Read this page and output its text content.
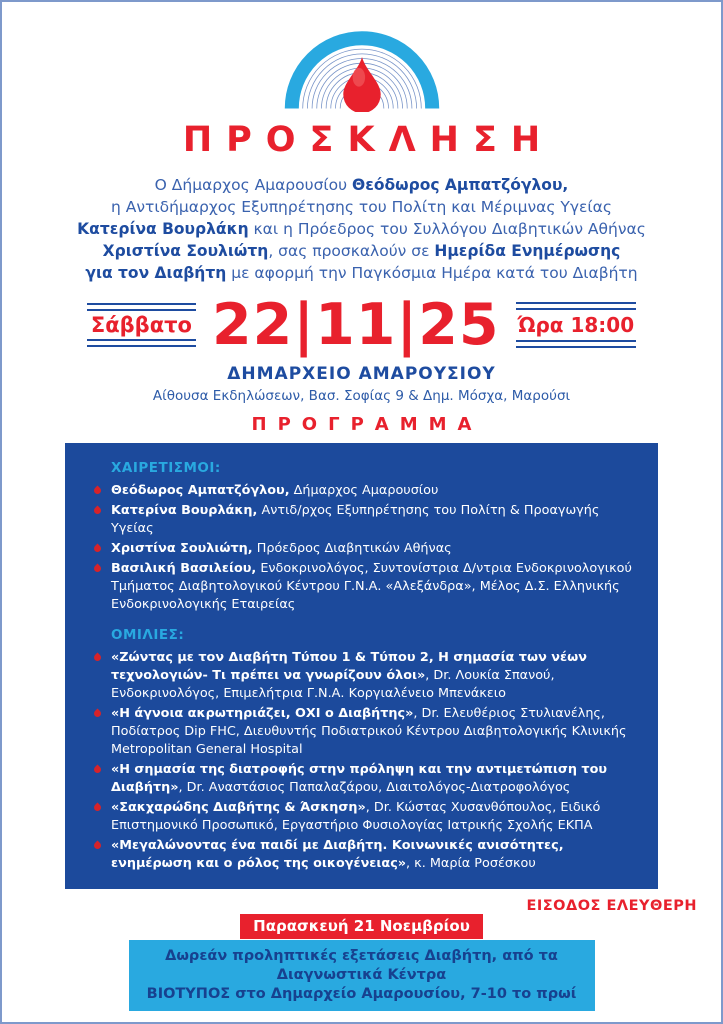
ΠΡΟΣΚΛΗΣΗ
Ο Δήμαρχος Αμαρουσίου Θεόδωρος Αμπατζόγλου,
η Αντιδήμαρχος Εξυπηρέτησης του Πολίτη και Μέριμνας Υγείας
Κατερίνα Βουρλάκη και η Πρόεδρος του Συλλόγου Διαβητικών Αθήνας
Χριστίνα Σουλιώτη, σας προσκαλούν σε Ημερίδα Ενημέρωσης
για τον Διαβήτη με αφορμή την Παγκόσμια Ημέρα κατά του Διαβήτη
Σάββατο 22|11|25 Ώρα 18:00
ΔΗΜΑΡΧΕΙΟ ΑΜΑΡΟΥΣΙΟΥ
Αίθουσα Εκδηλώσεων, Βασ. Σοφίας 9 & Δημ. Μόσχα, Μαρούσι
ΠΡΟΓΡΑΜΜΑ
ΧΑΙΡΕΤΙΣΜΟΙ:
Θεόδωρος Αμπατζόγλου, Δήμαρχος Αμαρουσίου
Κατερίνα Βουρλάκη, Αντιδ/ρχος Εξυπηρέτησης του Πολίτη & Προαγωγής Υγείας
Χριστίνα Σουλιώτη, Πρόεδρος Διαβητικών Αθήνας
Βασιλική Βασιλείου, Ενδοκρινολόγος, Συντονίστρια Δ/ντρια Ενδοκρινολογικού Τμήματος Διαβητολογικού Κέντρου Γ.Ν.Α. «Αλεξάνδρα», Μέλος Δ.Σ. Ελληνικής Ενδοκρινολογικής Εταιρείας
ΟΜΙΛΙΕΣ:
«Ζώντας με τον Διαβήτη Τύπου 1 & Τύπου 2, Η σημασία των νέων τεχνολογιών- Τι πρέπει να γνωρίζουν όλοι», Dr. Λουκία Σπανού, Ενδοκρινολόγος, Επιμελήτρια Γ.Ν.Α. Κοργιαλένειο Μπενάκειο
«Η άγνοια ακρωτηριάζει, ΟΧΙ ο Διαβήτης», Dr. Ελευθέριος Στυλιανέλης, Ποδίατρος Dip FHC, Διευθυντής Ποδιατρικού Κέντρου Διαβητολογικής Κλινικής Metropolitan General Hospital
«Η σημασία της διατροφής στην πρόληψη και την αντιμετώπιση του Διαβήτη», Dr. Αναστάσιος Παπαλαζάρου, Διαιτολόγος-Διατροφολόγος
«Σακχαρώδης Διαβήτης & Άσκηση», Dr. Κώστας Χυσανθόπουλος, Ειδικό Επιστημονικό Προσωπικό, Εργαστήριο Φυσιολογίας Ιατρικής Σχολής ΕΚΠΑ
«Μεγαλώνοντας ένα παιδί με Διαβήτη. Κοινωνικές ανισότητες, ενημέρωση και ο ρόλος της οικογένειας», κ. Μαρία Ροσέσκου
ΕΙΣΟΔΟΣ ΕΛΕΥΘΕΡΗ
Παρασκευή 21 Νοεμβρίου
Δωρεάν προληπτικές εξετάσεις Διαβήτη, από τα Διαγνωστικά Κέντρα
ΒΙΟΤΥΠΟΣ στο Δημαρχείο Αμαρουσίου, 7-10 το πρωί
